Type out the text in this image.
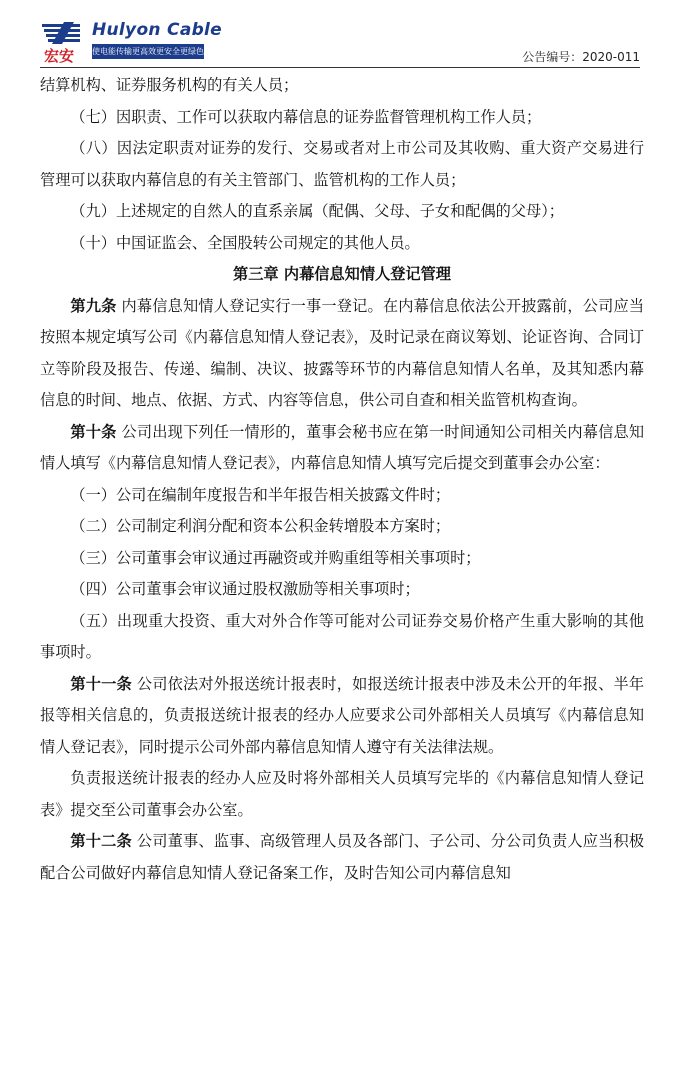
宏安
Hulyon Cable
使电能传输更高效更安全更绿色	公告编号：2020-011

结算机构、证券服务机构的有关人员；

（七）因职责、工作可以获取内幕信息的证券监督管理机构工作人员；

（八）因法定职责对证券的发行、交易或者对上市公司及其收购、重大资产交易进行管理可以获取内幕信息的有关主管部门、监管机构的工作人员；

（九）上述规定的自然人的直系亲属（配偶、父母、子女和配偶的父母）；

（十）中国证监会、全国股转公司规定的其他人员。

第三章 内幕信息知情人登记管理

第九条 内幕信息知情人登记实行一事一登记。在内幕信息依法公开披露前，公司应当按照本规定填写公司《内幕信息知情人登记表》，及时记录在商议筹划、论证咨询、合同订立等阶段及报告、传递、编制、决议、披露等环节的内幕信息知情人名单，及其知悉内幕信息的时间、地点、依据、方式、内容等信息，供公司自查和相关监管机构查询。

第十条 公司出现下列任一情形的，董事会秘书应在第一时间通知公司相关内幕信息知情人填写《内幕信息知情人登记表》，内幕信息知情人填写完后提交到董事会办公室：

（一）公司在编制年度报告和半年报告相关披露文件时；

（二）公司制定利润分配和资本公积金转增股本方案时；

（三）公司董事会审议通过再融资或并购重组等相关事项时；

（四）公司董事会审议通过股权激励等相关事项时；

（五）出现重大投资、重大对外合作等可能对公司证券交易价格产生重大影响的其他事项时。

第十一条 公司依法对外报送统计报表时，如报送统计报表中涉及未公开的年报、半年报等相关信息的，负责报送统计报表的经办人应要求公司外部相关人员填写《内幕信息知情人登记表》，同时提示公司外部内幕信息知情人遵守有关法律法规。

负责报送统计报表的经办人应及时将外部相关人员填写完毕的《内幕信息知情人登记表》提交至公司董事会办公室。

第十二条 公司董事、监事、高级管理人员及各部门、子公司、分公司负责人应当积极配合公司做好内幕信息知情人登记备案工作，及时告知公司内幕信息知
